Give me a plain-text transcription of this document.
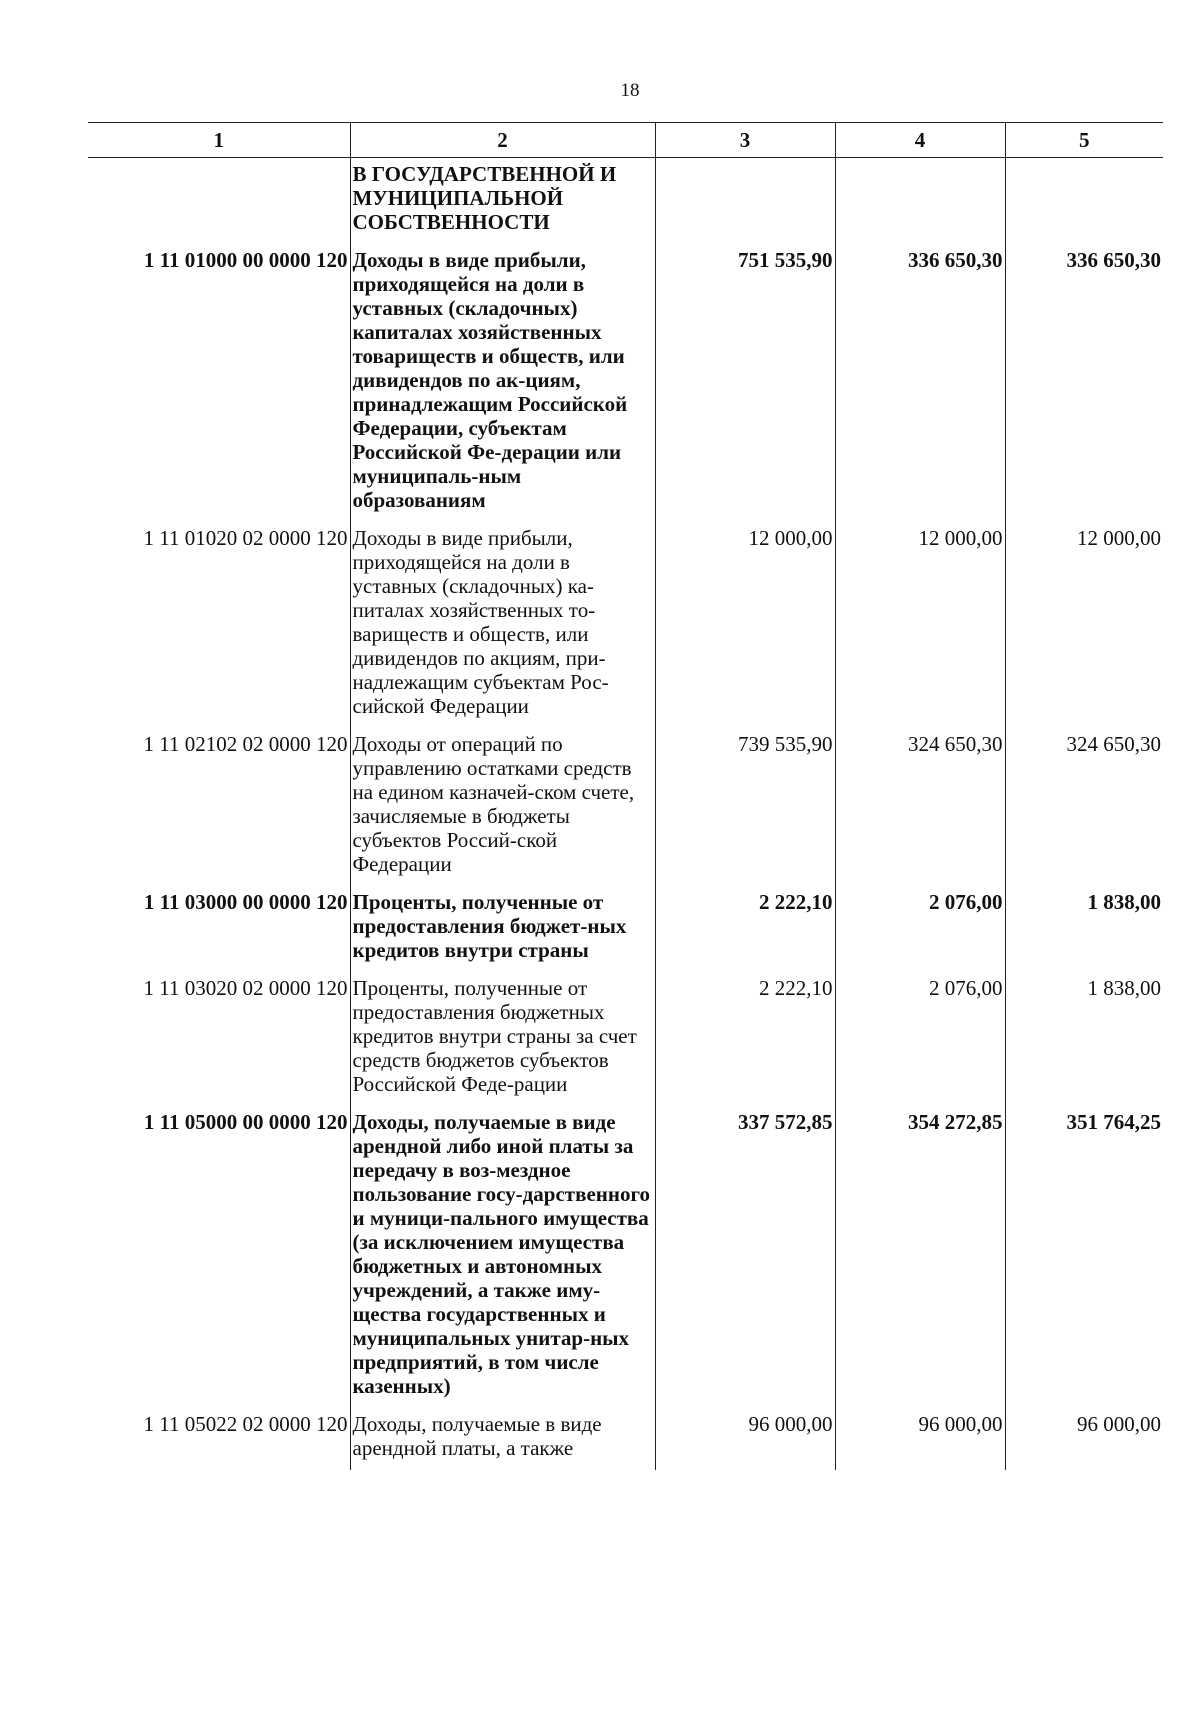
18
1	2	3	4	5
	В ГОСУДАРСТВЕННОЙ И МУНИЦИПАЛЬНОЙ СОБСТВЕННОСТИ			
1 11 01000 00 0000 120	Доходы в виде прибыли, приходящейся на доли в уставных (складочных) капиталах хозяйственных товариществ и обществ, или дивидендов по ак-циям, принадлежащим Российской Федерации, субъектам Российской Фе-дерации или муниципаль-ным образованиям	751 535,90	336 650,30	336 650,30
1 11 01020 02 0000 120	Доходы в виде прибыли, приходящейся на доли в уставных (складочных) ка-питалах хозяйственных то-вариществ и обществ, или дивидендов по акциям, при-надлежащим субъектам Рос-сийской Федерации	12 000,00	12 000,00	12 000,00
1 11 02102 02 0000 120	Доходы от операций по управлению остатками средств на едином казначей-ском счете, зачисляемые в бюджеты субъектов Россий-ской Федерации	739 535,90	324 650,30	324 650,30
1 11 03000 00 0000 120	Проценты, полученные от предоставления бюджет-ных кредитов внутри страны	2 222,10	2 076,00	1 838,00
1 11 03020 02 0000 120	Проценты, полученные от предоставления бюджетных кредитов внутри страны за счет средств бюджетов субъектов Российской Феде-рации	2 222,10	2 076,00	1 838,00
1 11 05000 00 0000 120	Доходы, получаемые в виде арендной либо иной платы за передачу в воз-мездное пользование госу-дарственного и муници-пального имущества (за исключением имущества бюджетных и автономных учреждений, а также иму-щества государственных и муниципальных унитар-ных предприятий, в том числе казенных)	337 572,85	354 272,85	351 764,25
1 11 05022 02 0000 120	Доходы, получаемые в виде арендной платы, а также	96 000,00	96 000,00	96 000,00
